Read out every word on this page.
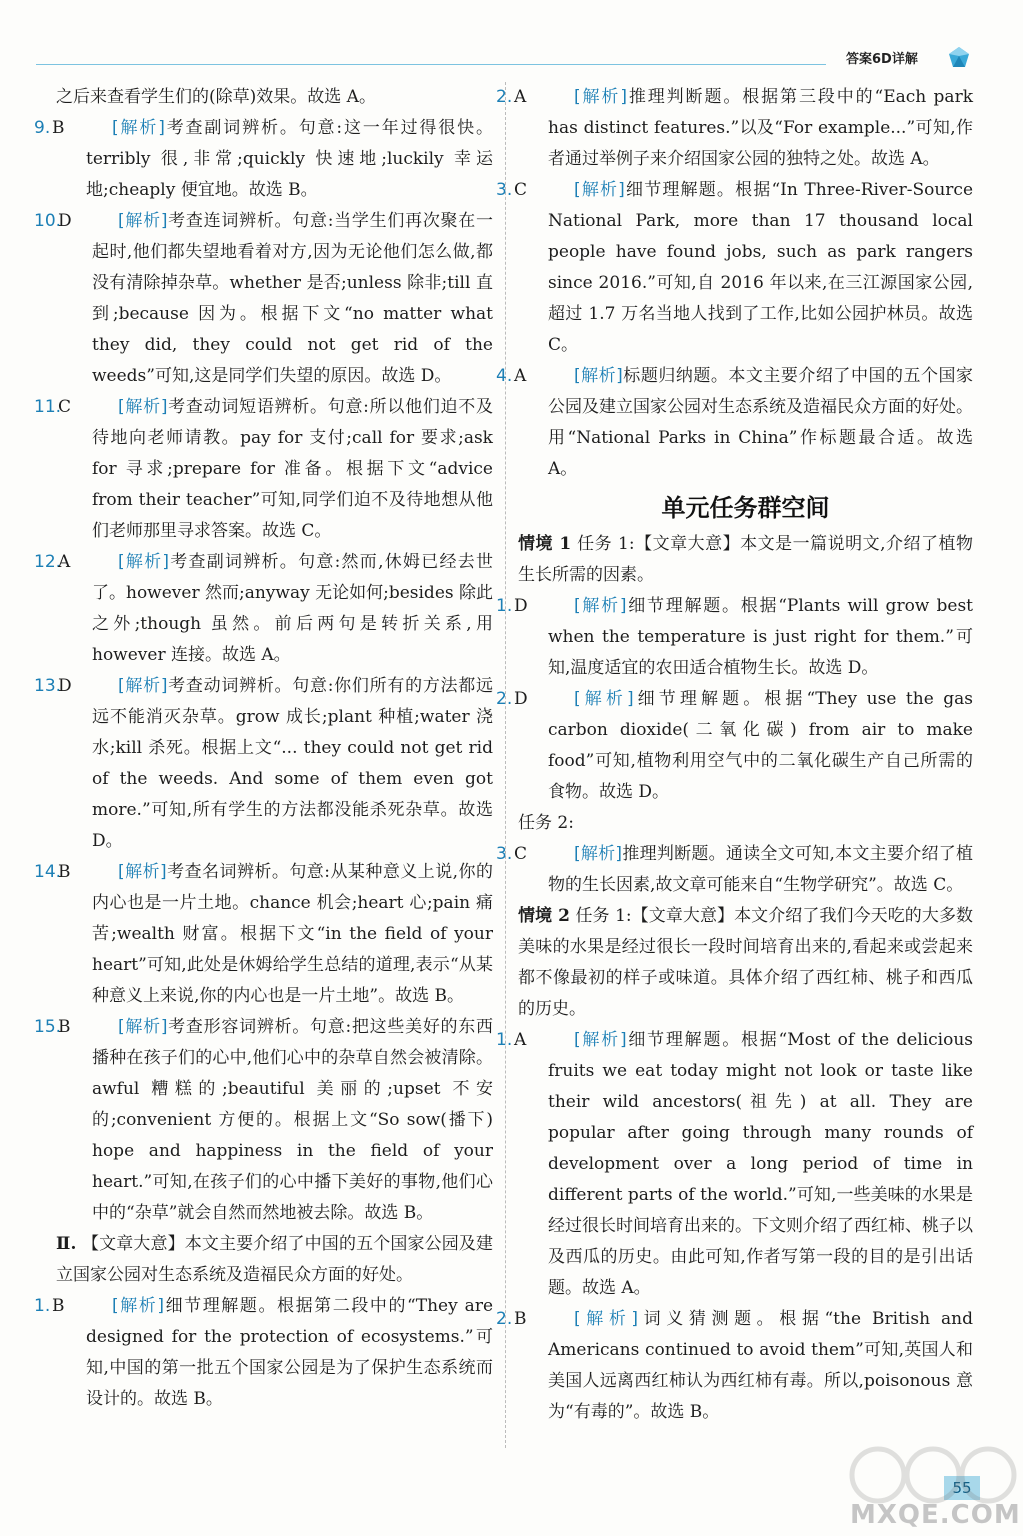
答案6D详解
之后来查看学生们的(除草)效果。故选 A。
9. B	[解析]考查副词辨析。句意:这一年过得很快。terribly 很,非常;quickly 快速地;luckily 幸运地;cheaply 便宜地。故选 B。
10.
D	[解析]考查连词辨析。句意:当学生们再次聚在一起时,他们都失望地看着对方,因为无论他们怎么做,都没有清除掉杂草。whether 是否;unless 除非;till 直到;because 因为。根据下文“no matter what they did, they could not get rid of the weeds”可知,这是同学们失望的原因。故选 D。
11.
C	[解析]考查动词短语辨析。句意:所以他们迫不及待地向老师请教。pay for 支付;call for 要求;ask for 寻求;prepare for 准备。根据下文“advice from their teacher”可知,同学们迫不及待地想从他们老师那里寻求答案。故选 C。
12.
A	[解析]考查副词辨析。句意:然而,休姆已经去世了。however 然而;anyway 无论如何;besides 除此之外;though 虽然。前后两句是转折关系,用 however 连接。故选 A。
13.
D	[解析]考查动词辨析。句意:你们所有的方法都远远不能消灭杂草。grow 成长;plant 种植;water 浇水;kill 杀死。根据上文“... they could not get rid of the weeds. And some of them even got more.”可知,所有学生的方法都没能杀死杂草。故选 D。
14.
B	[解析]考查名词辨析。句意:从某种意义上说,你的内心也是一片土地。chance 机会;heart 心;pain 痛苦;wealth 财富。根据下文“in the field of your heart”可知,此处是休姆给学生总结的道理,表示“从某种意义上来说,你的内心也是一片土地”。故选 B。
15.
B	[解析]考查形容词辨析。句意:把这些美好的东西播种在孩子们的心中,他们心中的杂草自然会被清除。awful 糟糕的;beautiful 美丽的;upset 不安的;convenient 方便的。根据上文“So sow(播下) hope and happiness in the field of your heart.”可知,在孩子们的心中播下美好的事物,他们心中的“杂草”就会自然而然地被去除。故选 B。
Ⅱ. 【文章大意】本文主要介绍了中国的五个国家公园及建立国家公园对生态系统及造福民众方面的好处。
1. B	[解析]细节理解题。根据第二段中的“They are designed for the protection of ecosystems.”可知,中国的第一批五个国家公园是为了保护生态系统而设计的。故选 B。
2. A	[解析]推理判断题。根据第三段中的“Each park has distinct features.”以及“For example...”可知,作者通过举例子来介绍国家公园的独特之处。故选 A。
3. C	[解析]细节理解题。根据“In Three-River-Source National Park, more than 17 thousand local people have found jobs, such as park rangers since 2016.”可知,自 2016 年以来,在三江源国家公园,超过 1.7 万名当地人找到了工作,比如公园护林员。故选 C。
4. A	[解析]标题归纳题。本文主要介绍了中国的五个国家公园及建立国家公园对生态系统及造福民众方面的好处。用“National Parks in China”作标题最合适。故选 A。
单元任务群空间
情境 1 任务 1:【文章大意】本文是一篇说明文,介绍了植物生长所需的因素。
1. D	[解析]细节理解题。根据“Plants will grow best when the temperature is just right for them.”可知,温度适宜的农田适合植物生长。故选 D。
2. D	[解析]细节理解题。根据“They use the gas carbon dioxide(二氧化碳) from air to make food”可知,植物利用空气中的二氧化碳生产自己所需的食物。故选 D。
任务 2:
3. C	[解析]推理判断题。通读全文可知,本文主要介绍了植物的生长因素,故文章可能来自“生物学研究”。故选 C。
情境 2 任务 1:【文章大意】本文介绍了我们今天吃的大多数美味的水果是经过很长一段时间培育出来的,看起来或尝起来都不像最初的样子或味道。具体介绍了西红柿、桃子和西瓜的历史。
1. A	[解析]细节理解题。根据“Most of the delicious fruits we eat today might not look or taste like their wild ancestors(祖先) at all. They are popular after going through many rounds of development over a long period of time in different parts of the world.”可知,一些美味的水果是经过很长时间培育出来的。下文则介绍了西红柿、桃子以及西瓜的历史。由此可知,作者写第一段的目的是引出话题。故选 A。
2. B	[解析]词义猜测题。根据“the British and Americans continued to avoid them”可知,英国人和美国人远离西红柿认为西红柿有毒。所以,poisonous 意为“有毒的”。故选 B。
55
MXQE.COM
